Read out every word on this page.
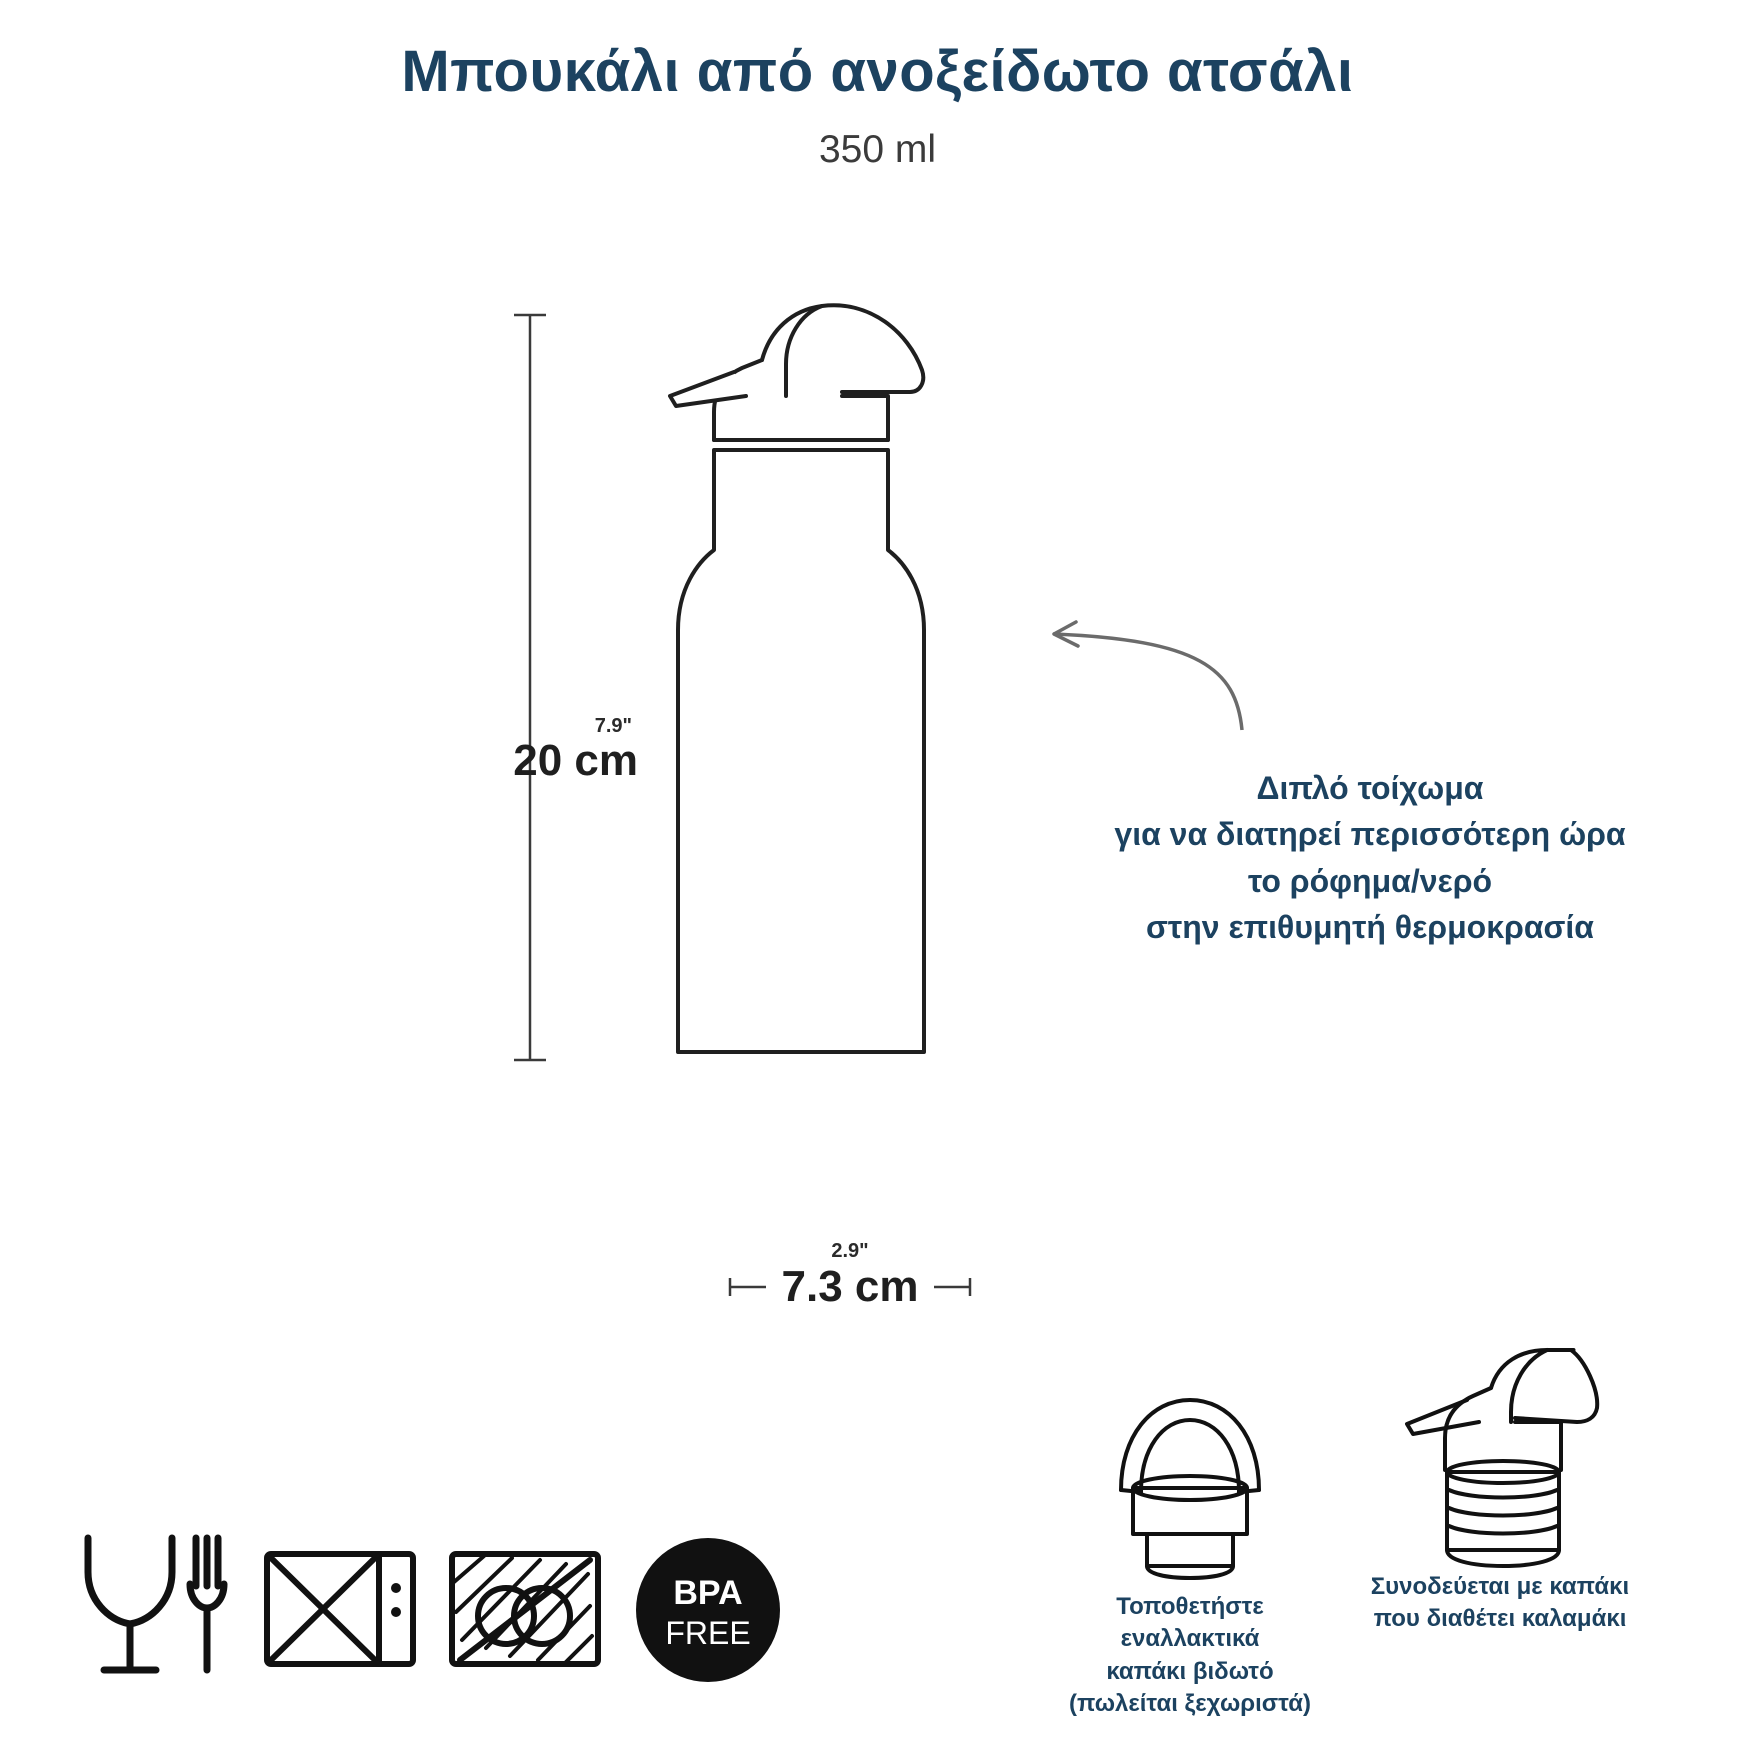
Μπουκάλι από ανοξείδωτο ατσάλι
350 ml
7.9"
20 cm
2.9"
7.3 cm
Διπλό τοίχωμα
για να διατηρεί περισσότερη ώρα
το ρόφημα/νερό
στην επιθυμητή θερμοκρασία
BPA
FREE
Τοποθετήστε
εναλλακτικά
καπάκι βιδωτό
(πωλείται ξεχωριστά)
Συνοδεύεται με καπάκι
που διαθέτει καλαμάκι
